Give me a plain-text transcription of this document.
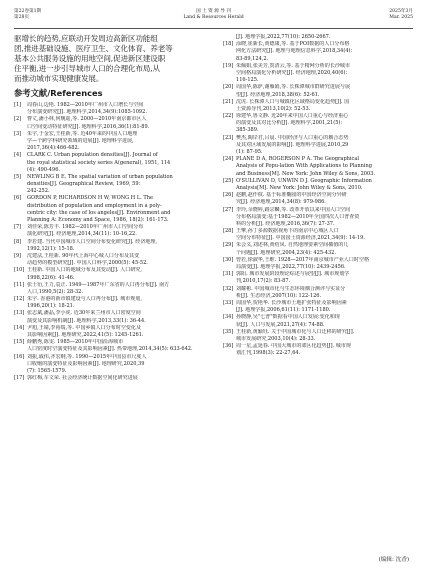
第22卷第1期
第28页
国 土 资 源 导 刊
Land & Resources Herald
2025年3月
Mar. 2025
驱增长的趋势,应联动开发周边高新区功能组
团,推进基础设施、医疗卫生、文化体育、养老等
基本公共服务设施的用地空间,促进新区建设职
住平衡,进一步引导城市人口的合理化布局,从
而推动城市实现健康发展。
参考文献/References
[1] 周春山,边艳. 1982—2010年广州市人口增长与空间
分布演变研究[J]. 地理科学,2014,34(9):1085-1092.
[2] 曹丈,潘小林,何舰遥,等. 2000—2010年南京都市区人
口空间变动特征研究[J]. 地理科学,2016,36(1):81-89.
[3] 朱宇,于金宏,王桂新,等. 近40年来的中国人口地理
学—个跨学科研究领域的进展[J]. 地理科学进展,
2017,36(4):466-482.
[4] CLARK C. Urban population densities[J]. Journal of
the royal statistical society series A(general), 1951, 114
(4): 490-496.
[5] NEWLING B E. The spatial variation of urban population
densities[J]. Geographical Review, 1969, 59:
242-252.
[6] GORDON P, RICHARDSON H W, WONG H L. The
distribution of population and employment in a poly-
centric city: the case of los angeles[J]. Environment and
Planning A: Economy and Space, 1986, 18(2): 161-173.
[7] 刘佳荣,陈芳丰. 1982—2010年广州市人口空间分布
演化研究[J]. 经济地理,2014,34(11): 10-16,22.
[8] 李若建. 当代中国城市人口空间分布变化研究[J]. 经济地理,
1992,12(1): 15-18.
[9] 沈建法,王桂新. 90年代上海中心城人口分布及其变
动趋势的模型研究[J]. 中国人口科学,2000(5): 45-52.
[10] 王桂新. 中国人口的地域分布及其变动[J]. 人口研究,
1998,22(6): 41-46.
[11] 张士衍,王力,袁正. 1949—1987年广东省的人口再分布[J]. 南方
人口,1990,5(2): 28-32.
[12] 朱宇. 香港的新市镇建设与人口再分布[J]. 城市规划,
1996,20(1): 18-21.
[13] 张志斌,潘晶,李小虎. 近30年来兰州市人口密度空间
演变及其影响机制[J]. 地理科学,2013,33(1): 36-44.
[14] 尹旭,王婧,李裕瑞,等. 中国乡镇人口分布时空变化及
其影响因素[J]. 地理研究,2022,41(5): 1245-1261.
[15] 薛鹏秀,陈雯. 1985—2010年中国沿海城市
人口密度时空演变特征及其影响因素[J]. 热带地理,2014,34(5): 633-642.
[16] 刘振,戚伟,齐宏纲,等. 1990—2015年中国县市尺度人
口收缩的演变特征及影响因素[J]. 地理研究,2020,39
(7): 1565-1579.
[17] 郭红梅,车文荣. 社会经济统计数据空间化研究进展
[J]. 地理学报,2022,77(10): 2650-2667.
[18] 涂晓,崔新长,黄德康,等. 基于POI数据的人口分布格
网化方法研究[J]. 地理与地理信息科学,2018,34(4):
83-89,124,2.
[19] 朱佩娟,张美芳,贺清云,等. 基于精网分析的长沙城市
空间格局演化分析研究[J]. 经济地理,2020,40(6):
116-125.
[20] 周国华,陈萨,谢雁娟,等. 长株潭城市群研究进展与展
望[J]. 经济地理,2018,38(6): 52-61.
[21] 沈虎. 长株潭人口与城镇化区域格局变化趋势[J]. 国
土资源导刊,2013,10(2): 52-53.
[22] 徐建华,鲁文静. 近20年来中国人口重心与经济重心
的演变及其对比分析[J]. 地理科学,2001,21(5):
385-389.
[23] 樊杰,陶岸君,吕晨. 中国经济与人口重心的耦合态势
及其对区域发展的影响[J]. 地理科学进展,2010,29
(1): 87-95.
[24] PLANE D A, ROGERSON P A. The Geographical
Analysis of Popu-lation With Applications to Planning
and Business[M]. New York: John Wiley & Sons, 2003.
[25] O'SULLIVAN D, UNWIN D J. Geographic Information
Analysis[M]. New York: John Wiley & Sons, 2010.
[26] 赵鹏,赵作权. 基于标准椭圆的中国经济空间分异研
究[J]. 经济地理,2014,34(8): 979-986.
[27] 李玲,余晓婷,路宗麟,等. 改革开放以来中国人口空间
分布格局演变:基于1982—2010年全国四次人口普查资
料的分析[J]. 经济地理,2016,36(7): 27-37.
[28] 王擎,孙丁多源数据视角下的南京中心城区人口
空间分布特征[J]. 中国国土资源经济,2021,34(9): 14-19.
[29] 朱会义,刘述林,黄绍凤. 自然地理要素空间插值的几
个问题[J]. 地理研究,2004,23(4): 425-432.
[30] 曾若,徐淑华,王维. 1928—2017年南京城市产业人口时空格
局演变[J]. 地理学报,2022,77(10): 2439-2456.
[31] 郭阳. 城市发展阶段理论综述与展望[J]. 城市规划学
刊,2010,17(2): 83-87.
[32] 刘耀彬. 中国城市化与生态环境耦合测评与实证分
析[J]. 生态经济,2007(10): 122-126.
[33] 周国华,贺艳华. 长沙城市土地扩张特征及影响因素
[J]. 地理学报,2006,61(11): 1171-1180.
[34] 孙晓静,吴"七普"数据看中国人口发展:变化和现
状[J]. 人口与发展,2021,27(4): 74-88.
[35] 王桂新,黄颖钰. 关于中国城市化与人口迁移的研究[J].
城市发展研究,2003,10(4): 28-33.
[36] 周一星,孟延春. 中国大城市的郊区化趋势[J]. 城市规
划汇刊,1998(3): 22-27,64.
(编辑: 沈香)
